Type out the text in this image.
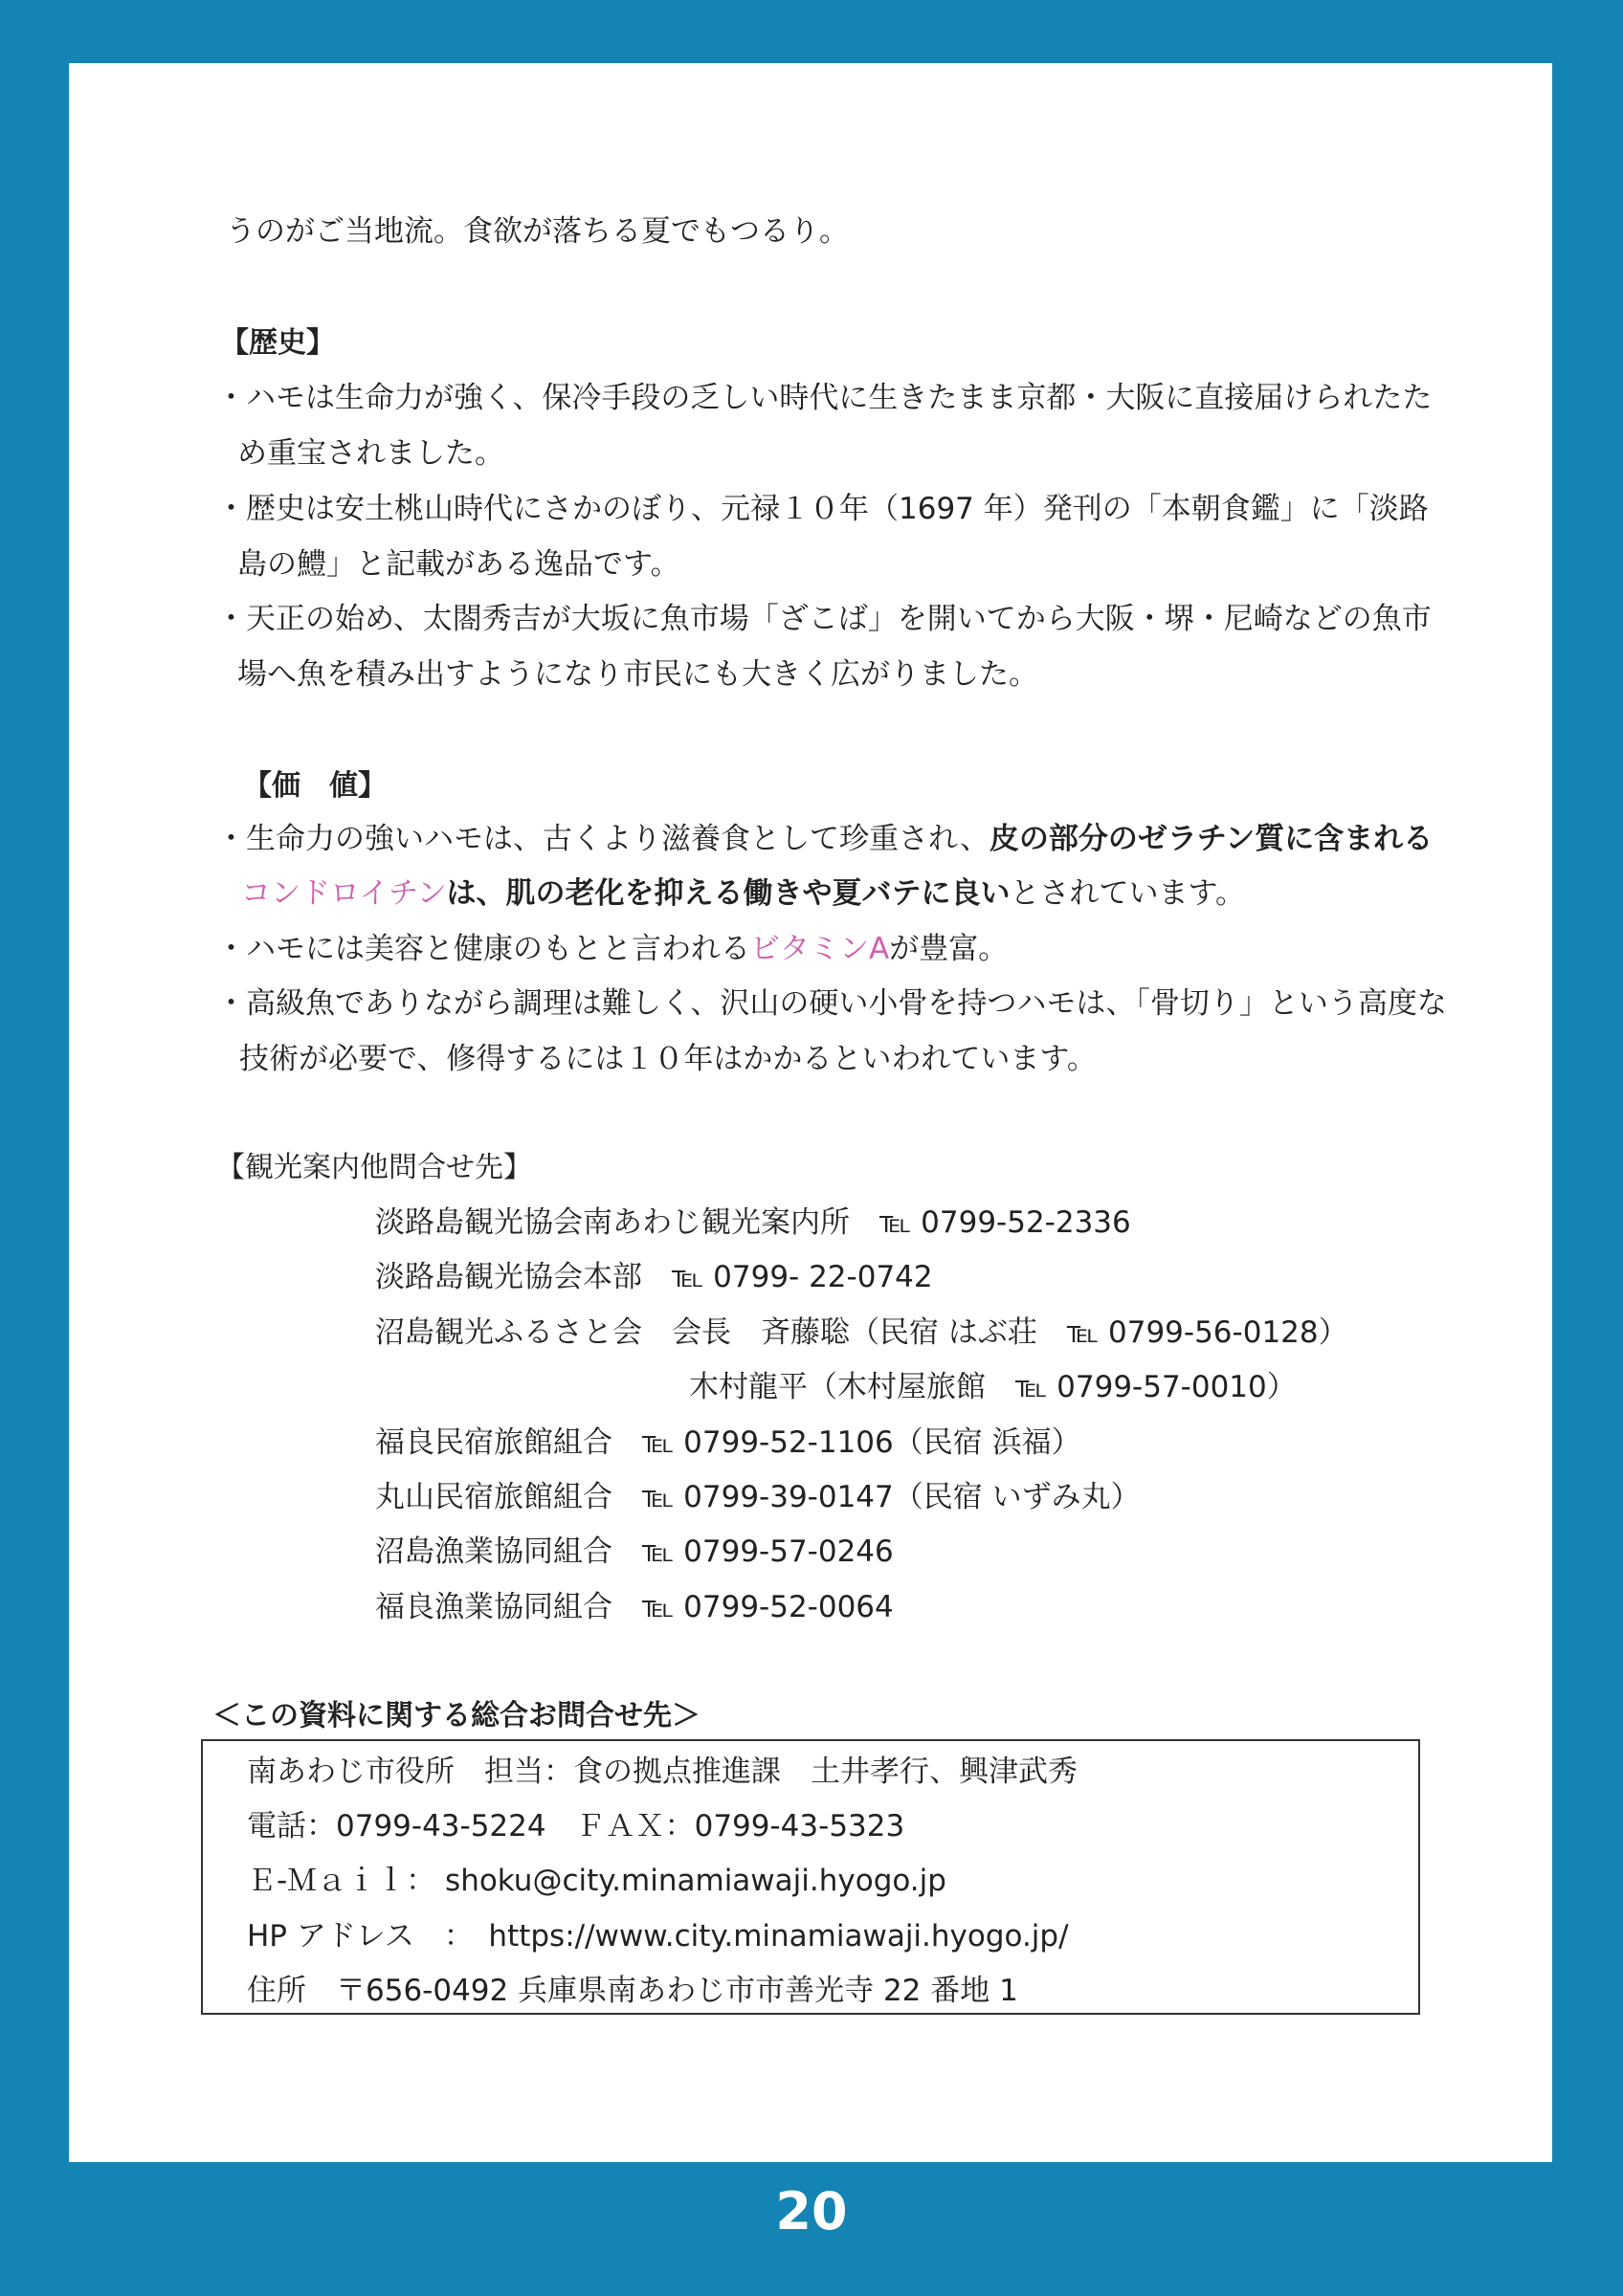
うのがご当地流。食欲が落ちる夏でもつるり。
【歴史】
・ハモは生命力が強く、保冷手段の乏しい時代に生きたまま京都・大阪に直接届けられたた
め重宝されました。
・歴史は安土桃山時代にさかのぼり、元禄１０年（1697 年）発刊の「本朝食鑑」に「淡路
島の鱧」と記載がある逸品です。
・天正の始め、太閤秀吉が大坂に魚市場「ざこば」を開いてから大阪・堺・尼崎などの魚市
場へ魚を積み出すようになり市民にも大きく広がりました。
【価　値】
・生命力の強いハモは、古くより滋養食として珍重され、皮の部分のゼラチン質に含まれる
コンドロイチンは、肌の老化を抑える働きや夏バテに良いとされています。
・ハモには美容と健康のもとと言われるビタミンAが豊富。
・高級魚でありながら調理は難しく、沢山の硬い小骨を持つハモは、「骨切り」という高度な
技術が必要で、修得するには１０年はかかるといわれています。
【観光案内他問合せ先】
淡路島観光協会南あわじ観光案内所　℡ 0799-52-2336
淡路島観光協会本部　℡ 0799- 22-0742
沼島観光ふるさと会　会長　斉藤聡（民宿 はぶ荘　℡ 0799-56-0128）
木村龍平（木村屋旅館　℡ 0799-57-0010）
福良民宿旅館組合　℡ 0799-52-1106（民宿 浜福）
丸山民宿旅館組合　℡ 0799-39-0147（民宿 いずみ丸）
沼島漁業協同組合　℡ 0799-57-0246
福良漁業協同組合　℡ 0799-52-0064
＜この資料に関する総合お問合せ先＞
南あわじ市役所　担当：食の拠点推進課　土井孝行、興津武秀
電話：0799-43-5224　ＦＡＸ：0799-43-5323
Ｅ-Ｍａｉｌ： shoku@city.minamiawaji.hyogo.jp
HP アドレス　：　https://www.city.minamiawaji.hyogo.jp/
住所　〒656-0492 兵庫県南あわじ市市善光寺 22 番地 1
20
